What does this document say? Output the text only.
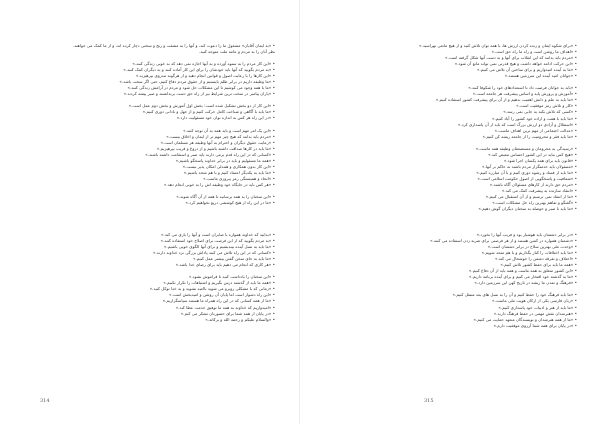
• «به ایمان آقایان» مشغول ما را دعوت کند، و آنها را به مشقت و رنج و سختی دچار کرده اند، و از ما کمک می خواهند.
نظر آنان را به مردم و عامه ملت متوجه کنید.
• «این کار مردم را به ستوه آورده و به آنها اجازه نمی دهد که به خوبی زندگی کنند.»
• «به مردم بگویید که آنها باید خودشان را برای این کار آماده کنند و به دیگران کمک کنند.»
• «این کارها را با رعایت اصول و قوانین انجام دهید و از هرگونه تندروی بپرهیزید.»
• «ما وظیفه داریم در برابر ظلم بایستیم و از حقوق مردم دفاع کنیم، حتی اگر سخت باشد.»
• «ما با همه وجود می کوشیم تا این مشکلات حل شود و مردم در آرامش زندگی کنند.»
• «یاران پیامبر در سخت ترین شرایط نیز از راه حق دست برنداشتند و صبر پیشه کردند.»
• «این کار از دو بخش تشکیل شده است: بخش اول آموزش و بخش دوم عمل است.»
• «ما باید با آگاهی و شناخت کامل حرکت کنیم و از جهل و نادانی دوری کنیم.»
• «در این راه هر کس به اندازه توان خود مسئولیت دارد.»
• «این یک امر مهم است و باید همه به آن توجه کنند.»
• «مردم باید بدانند که هیچ چیز مهم تر از ایمان و اخلاق نیست.»
• «رعایت حقوق دیگران و احترام به آنها وظیفه هر مسلمان است.»
• «ما باید در کارها صداقت داشته باشیم و از دروغ و فریب بپرهیزیم.»
• «کسانی که در این راه قدم برمی دارند باید صبر و استقامت داشته باشند.»
• «همه ما مسئولیم و باید در برابر خداوند پاسخگو باشیم.»
• «این کار بدون همکاری و همدلی امکان پذیر نیست.»
• «ما باید به یکدیگر اعتماد کنیم و با هم متحد باشیم.»
• «اتحاد و همبستگی رمز پیروزی ماست.»
• «هر کس باید در جایگاه خود وظیفه اش را به خوبی انجام دهد.»
• «این سخنان را به همه برسانید تا همه از آن آگاه شوند.»
• «ما در این راه از هیچ کوششی دریغ نخواهیم کرد.»
• «بدانید که خداوند همواره با صابران است و آنها را یاری می کند.»
• «به مردم بگویید که از این فرصت برای اصلاح خود استفاده کنند.»
• «ما باید به نسل آینده بیندیشیم و برای آنها الگوی خوبی باشیم.»
• «کسانی که در این راه تلاش می کنند پاداش بزرگی نزد خداوند دارند.»
• «ما باید به جای سخن گفتن بیشتر عمل کنیم.»
• «هر کاری که انجام می دهیم باید برای رضای خدا باشد.»
• «این سخنان را یادداشت کنید تا فراموش نشود.»
• «همه ما باید از گذشته درس بگیریم و اشتباهات را تکرار نکنیم.»
• «زمانی که با مشکلی روبرو می شوید ناامید نشوید و به خدا توکل کنید.»
• «این راه دشوار است اما پایان آن روشن و امیدبخش است.»
• «ما از همه کسانی که در این راه همراه ما هستند سپاسگزاریم.»
• «امیدواریم که خداوند به همه ما توفیق خدمت عطا کند.»
• «در پایان از همه شما برای حضورتان تشکر می کنم.»
• «والسلام علیکم و رحمة الله و برکاته.»
314
• «برای شکوه ایمان و زنده کردن ارزش ها، با همه توان تلاش کنید و از هیچ مانعی نهراسید.»
• «اهداف ما روشن است و راه ما راه حق است.»
• «مردم باید بدانند که این انقلاب برای آنها و به دست آنها شکل گرفته است.»
• «این حرکت ادامه خواهد داشت و هیچ قدرتی نمی تواند مانع آن شود.»
• «ما به آینده امیدواریم و برای ساختن آن تلاش می کنیم.»
• «جوانان امید آینده این سرزمین هستند.»
• «باید به جوانان فرصت داد تا استعدادهای خود را شکوفا کنند.»
• «آموزش و پرورش پایه و اساس پیشرفت هر جامعه است.»
• «ما باید به علم و دانش اهمیت بدهیم و از آن برای پیشرفت کشور استفاده کنیم.»
• «کار و تلاش رمز موفقیت است.»
• «کسی که تلاش نکند به جایی نمی رسد.»
• «ما باید با همت و اراده خود کشور را آباد کنیم.»
• «استقلال و آزادی دو ارزش بزرگ است که باید از آن پاسداری کرد.»
• «عدالت اجتماعی از مهم ترین اهداف ماست.»
• «ما باید فقر و محرومیت را از جامعه ریشه کن کنیم.»
• «رسیدگی به محرومان و مستضعفان وظیفه همه ماست.»
• «هیچ کس نباید در این کشور احساس تبعیض کند.»
• «قانون باید برای همه یکسان اجرا شود.»
• «مسئولان باید خدمتگزار مردم باشند نه حاکم بر آنها.»
• «ما باید از فساد و رشوه دوری کنیم و با آن مبارزه کنیم.»
• «شفافیت و پاسخگویی از اصول حکومت اسلامی است.»
• «مردم حق دارند از کارهای مسئولان آگاه باشند.»
• «انتقاد سازنده به پیشرفت کمک می کند.»
• «ما از انتقاد نمی ترسیم و از آن استقبال می کنیم.»
• «گفتگو و تفاهم بهترین راه حل مشکلات است.»
• «ما باید با صبر و حوصله به سخنان دیگران گوش دهیم.»
• «در برابر دشمنان باید هوشیار بود و فریب آنها را نخورد.»
• «دشمنان همواره در کمین هستند و از هر فرصتی برای ضربه زدن استفاده می کنند.»
• «وحدت ملی بهترین سلاح در برابر دشمنان است.»
• «ما باید اختلافات را کنار بگذاریم و با هم متحد شویم.»
• «اختلاف و تفرقه دشمن را خوشحال می کند.»
• «همه ما باید برای حفظ کشور تلاش کنیم.»
• «این کشور متعلق به همه ماست و همه باید از آن دفاع کنیم.»
• «ما به گذشته خود افتخار می کنیم و برای آینده برنامه داریم.»
• «فرهنگ و تمدن ما ریشه در تاریخ کهن این سرزمین دارد.»
• «ما باید فرهنگ خود را حفظ کنیم و آن را به نسل های بعد منتقل کنیم.»
• «زبان فارسی یکی از ارکان هویت ملی ماست.»
• «ما باید از هنر و ادبیات خود پاسداری کنیم.»
• «هنرمندان نقش مهمی در حفظ فرهنگ دارند.»
• «ما از همه هنرمندان و نویسندگان متعهد حمایت می کنیم.»
• «در پایان برای همه شما آرزوی موفقیت دارم.»
315
